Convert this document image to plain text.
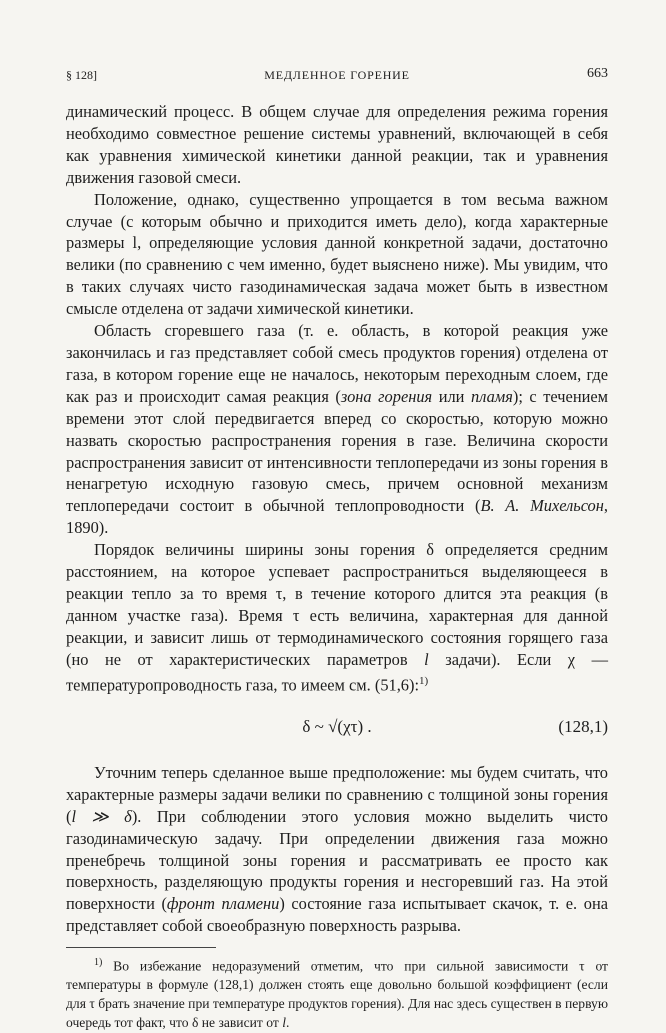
§ 128]	МЕДЛЕННОЕ ГОРЕНИЕ	663

динамический процесс. В общем случае для определения режима горения необходимо совместное решение системы уравнений, включающей в себя как уравнения химической кинетики данной реакции, так и уравнения движения газовой смеси.

Положение, однако, существенно упрощается в том весьма важном случае (с которым обычно и приходится иметь дело), когда характерные размеры l, определяющие условия данной конкретной задачи, достаточно велики (по сравнению с чем именно, будет выяснено ниже). Мы увидим, что в таких случаях чисто газодинамическая задача может быть в известном смысле отделена от задачи химической кинетики.

Область сгоревшего газа (т. е. область, в которой реакция уже закончилась и газ представляет собой смесь продуктов горения) отделена от газа, в котором горение еще не началось, некоторым переходным слоем, где как раз и происходит самая реакция (зона горения или пламя); с течением времени этот слой передвигается вперед со скоростью, которую можно назвать скоростью распространения горения в газе. Величина скорости распространения зависит от интенсивности теплопередачи из зоны горения в ненагретую исходную газовую смесь, причем основной механизм теплопередачи состоит в обычной теплопроводности (В. А. Михельсон, 1890).

Порядок величины ширины зоны горения δ определяется средним расстоянием, на которое успевает распространиться выделяющееся в реакции тепло за то время τ, в течение которого длится эта реакция (в данном участке газа). Время τ есть величина, характерная для данной реакции, и зависит лишь от термодинамического состояния горящего газа (но не от характеристических параметров l задачи). Если χ — температуропроводность газа, то имеем см. (51,6):$^{1)}$

δ ~ √(χτ) .	(128,1)

Уточним теперь сделанное выше предположение: мы будем считать, что характерные размеры задачи велики по сравнению с толщиной зоны горения (l ≫ δ). При соблюдении этого условия можно выделить чисто газодинамическую задачу. При определении движения газа можно пренебречь толщиной зоны горения и рассматривать ее просто как поверхность, разделяющую продукты горения и несгоревший газ. На этой поверхности (фронт пламени) состояние газа испытывает скачок, т. е. она представляет собой своеобразную поверхность разрыва.

$^{1)}$ Во избежание недоразумений отметим, что при сильной зависимости τ от температуры в формуле (128,1) должен стоять еще довольно большой коэффициент (если для τ брать значение при температуре продуктов горения). Для нас здесь существен в первую очередь тот факт, что δ не зависит от l.
